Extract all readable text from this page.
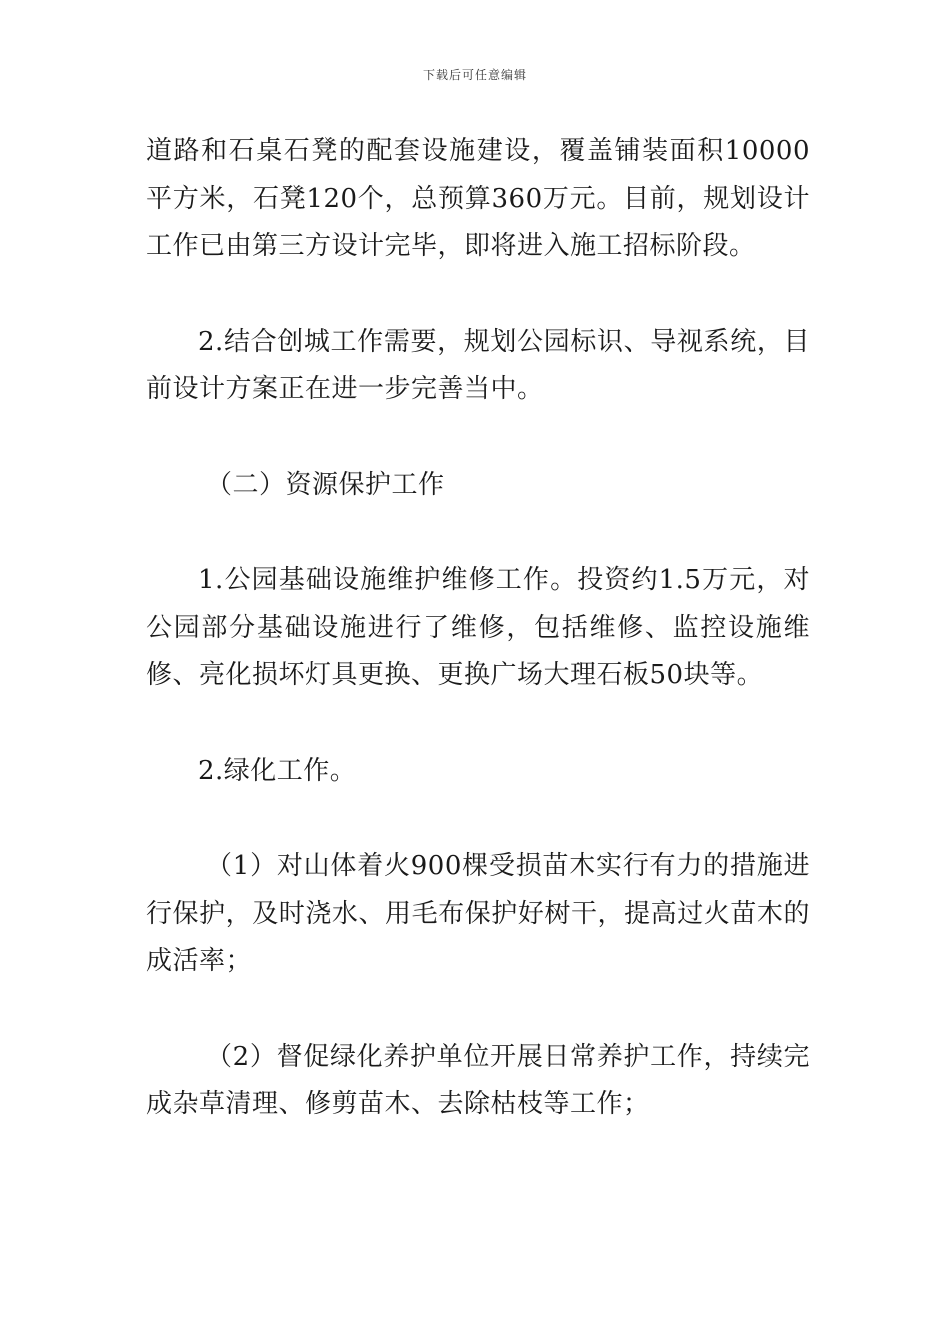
下载后可任意编辑

道路和石桌石凳的配套设施建设，覆盖铺装面积10000平方米，石凳120个，总预算360万元。目前，规划设计工作已由第三方设计完毕，即将进入施工招标阶段。

2.结合创城工作需要，规划公园标识、导视系统，目前设计方案正在进一步完善当中。

（二）资源保护工作

1.公园基础设施维护维修工作。投资约1.5万元，对公园部分基础设施进行了维修，包括维修、监控设施维修、亮化损坏灯具更换、更换广场大理石板50块等。

2.绿化工作。

（1）对山体着火900棵受损苗木实行有力的措施进行保护，及时浇水、用毛布保护好树干，提高过火苗木的成活率；

（2）督促绿化养护单位开展日常养护工作，持续完成杂草清理、修剪苗木、去除枯枝等工作；
